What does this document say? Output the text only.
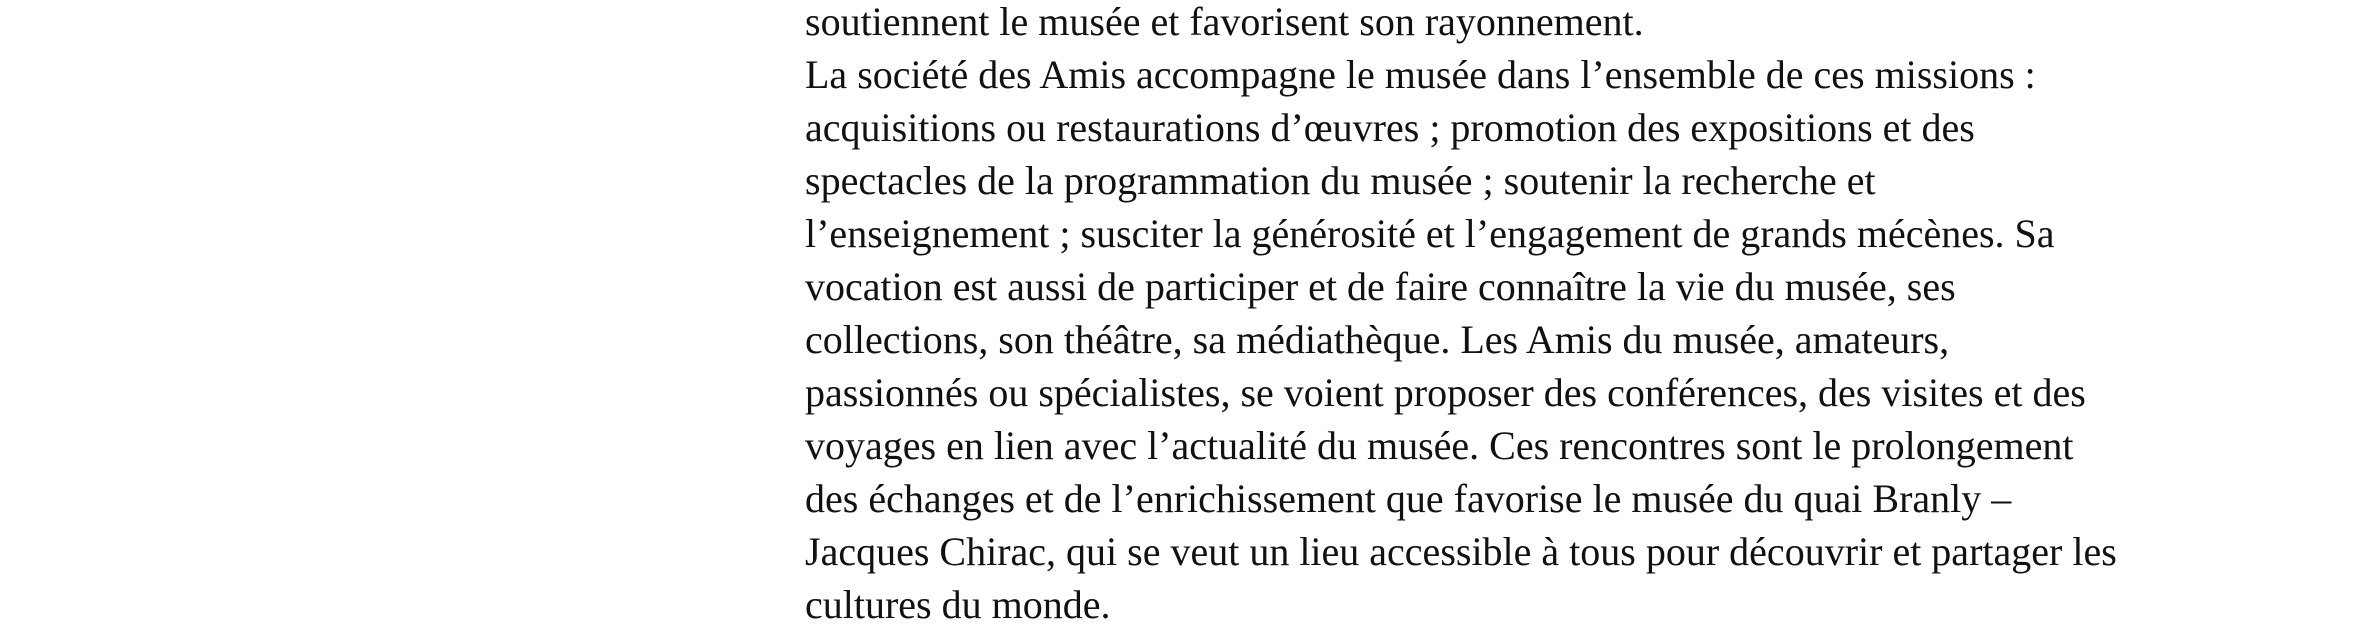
soutiennent le musée et favorisent son rayonnement.
La société des Amis accompagne le musée dans l’ensemble de ces missions :
acquisitions ou restaurations d’œuvres ; promotion des expositions et des
spectacles de la programmation du musée ; soutenir la recherche et
l’enseignement ; susciter la générosité et l’engagement de grands mécènes. Sa
vocation est aussi de participer et de faire connaître la vie du musée, ses
collections, son théâtre, sa médiathèque. Les Amis du musée, amateurs,
passionnés ou spécialistes, se voient proposer des conférences, des visites et des
voyages en lien avec l’actualité du musée. Ces rencontres sont le prolongement
des échanges et de l’enrichissement que favorise le musée du quai Branly –
Jacques Chirac, qui se veut un lieu accessible à tous pour découvrir et partager les
cultures du monde.
